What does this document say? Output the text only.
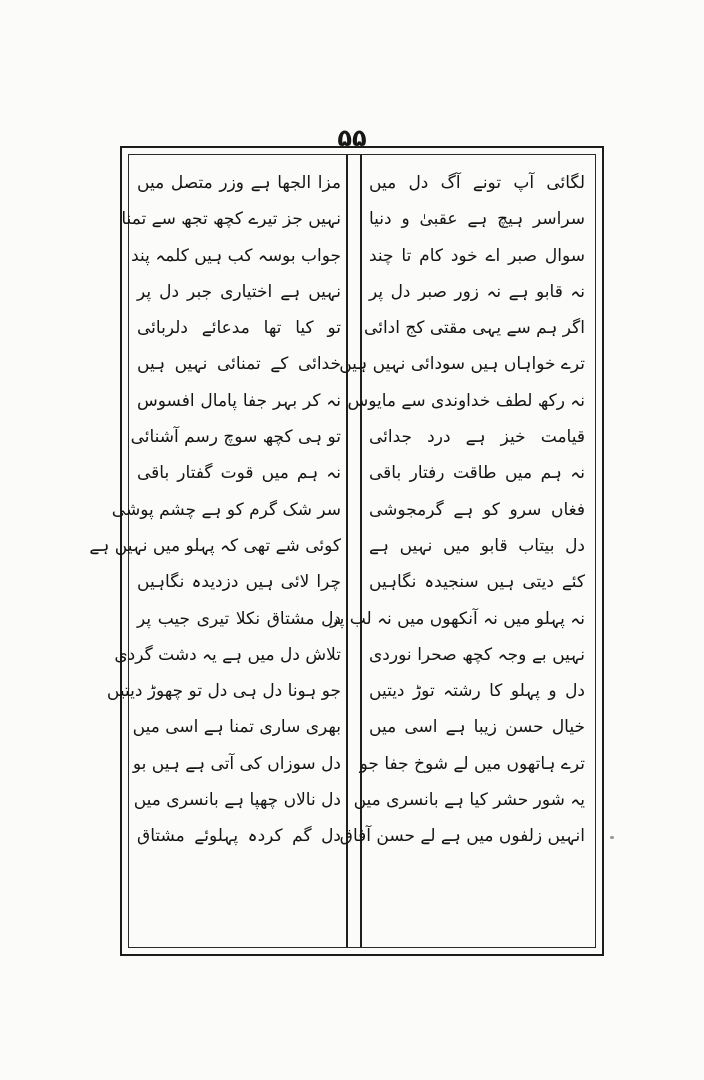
۵۵
لگائی آپ تونے آگ دل میں
سراسر ہیچ ہے عقبیٰ و دنیا
سوال صبر اے خود کام تا چند
نہ قابو ہے نہ زور صبر دل پر
اگر ہم سے یہی مقتی کج ادائی
ترے خواہاں ہیں سودائی نہیں ہیں
نہ رکھ لطف خداوندی سے مایوس
قیامت خیز ہے درد جدائی
نہ ہم میں طاقت رفتار باقی
فغاں سرو کو ہے گرمجوشی
دل بیتاب قابو میں نہیں ہے
کئے دیتی ہیں سنجیدہ نگاہیں
نہ پہلو میں نہ آنکھوں میں نہ لب پر
نہیں بے وجہ کچھ صحرا نوردی
دل و پہلو کا رشتہ توڑ دیتیں
خیال حسن زیبا ہے اسی میں
ترے ہاتھوں میں لے شوخ جفا جو
یہ شور حشر کیا ہے بانسری میں
انہیں زلفوں میں ہے لے حسن آفاق
مزا الجھا ہے وزر متصل میں
نہیں جز تیرے کچھ تجھ سے تمنا
جواب بوسہ کب ہیں کلمہ پند
نہیں ہے اختیاری جبر دل پر
تو کیا تھا مدعائے دلربائی
خدائی کے تمنائی نہیں ہیں
نہ کر بہر جفا پامال افسوس
تو ہی کچھ سوچ رسم آشنائی
نہ ہم میں قوت گفتار باقی
سر شک گرم کو ہے چشم پوشی
کوئی شے تھی کہ پہلو میں نہیں ہے
چرا لائی ہیں دزدیدہ نگاہیں
دل مشتاق نکلا تیری جیب پر
تلاش دل میں ہے یہ دشت گردی
جو ہونا دل ہی دل تو چھوڑ دیتیں
بھری ساری تمنا ہے اسی میں
دل سوزاں کی آتی ہے ہیں بو
دل نالاں چھپا ہے بانسری میں
دل گم کردہ پہلوئے مشتاق
